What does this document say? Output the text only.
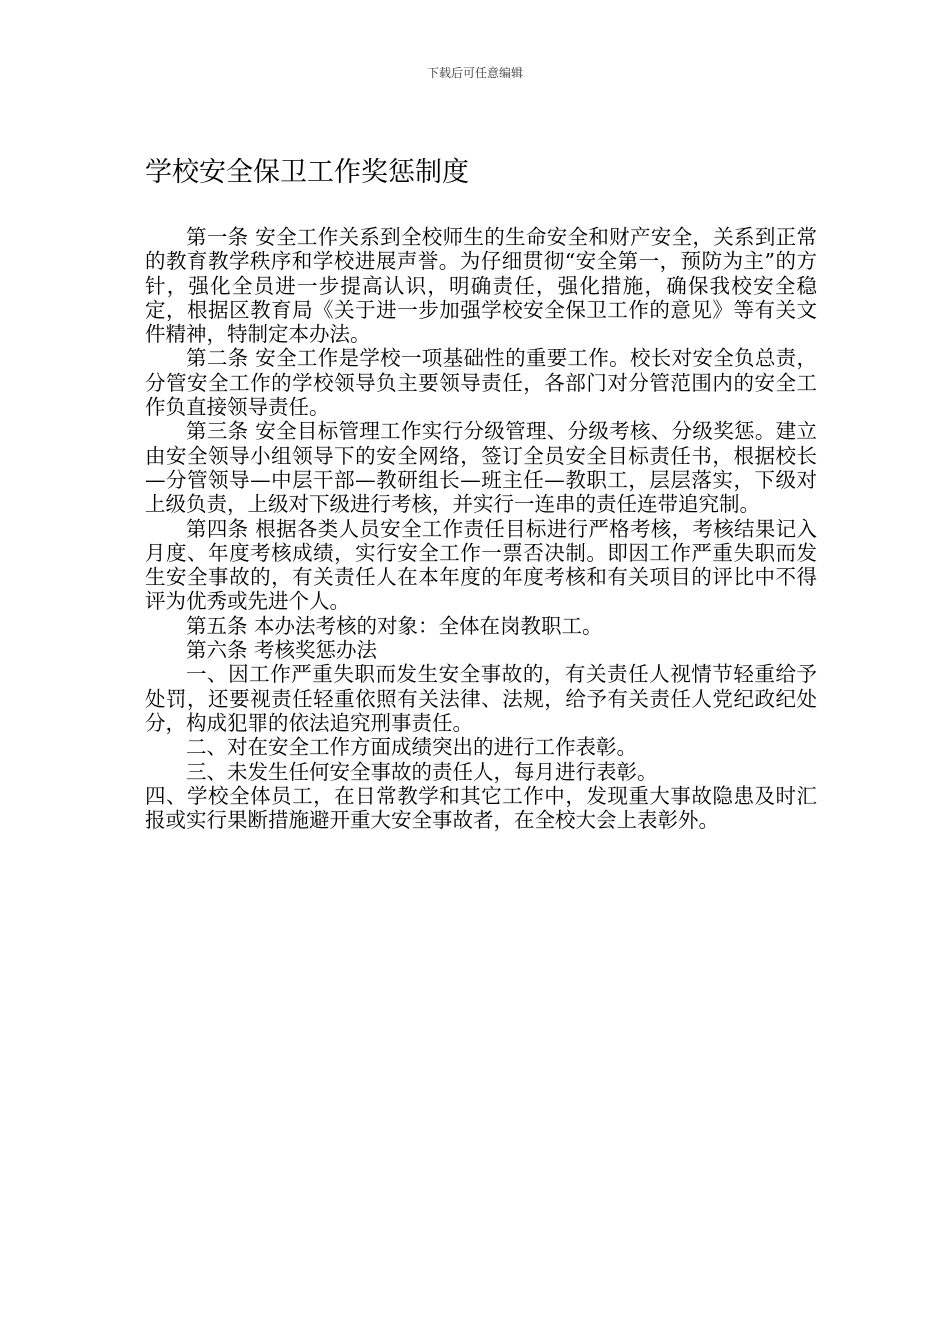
下载后可任意编辑
学校安全保卫工作奖惩制度

第一条 安全工作关系到全校师生的生命安全和财产安全，关系到正常的教育教学秩序和学校进展声誉。为仔细贯彻“安全第一，预防为主”的方针，强化全员进一步提高认识，明确责任，强化措施，确保我校安全稳定，根据区教育局《关于进一步加强学校安全保卫工作的意见》等有关文件精神，特制定本办法。

第二条 安全工作是学校一项基础性的重要工作。校长对安全负总责，分管安全工作的学校领导负主要领导责任，各部门对分管范围内的安全工作负直接领导责任。

第三条 安全目标管理工作实行分级管理、分级考核、分级奖惩。建立由安全领导小组领导下的安全网络，签订全员安全目标责任书，根据校长—分管领导—中层干部—教研组长—班主任—教职工，层层落实，下级对上级负责，上级对下级进行考核，并实行一连串的责任连带追究制。

第四条 根据各类人员安全工作责任目标进行严格考核，考核结果记入月度、年度考核成绩，实行安全工作一票否决制。即因工作严重失职而发生安全事故的，有关责任人在本年度的年度考核和有关项目的评比中不得评为优秀或先进个人。

第五条 本办法考核的对象：全体在岗教职工。

第六条 考核奖惩办法

一、因工作严重失职而发生安全事故的，有关责任人视情节轻重给予处罚，还要视责任轻重依照有关法律、法规，给予有关责任人党纪政纪处分，构成犯罪的依法追究刑事责任。

二、对在安全工作方面成绩突出的进行工作表彰。

三、未发生任何安全事故的责任人，每月进行表彰。

四、学校全体员工，在日常教学和其它工作中，发现重大事故隐患及时汇报或实行果断措施避开重大安全事故者，在全校大会上表彰外。
